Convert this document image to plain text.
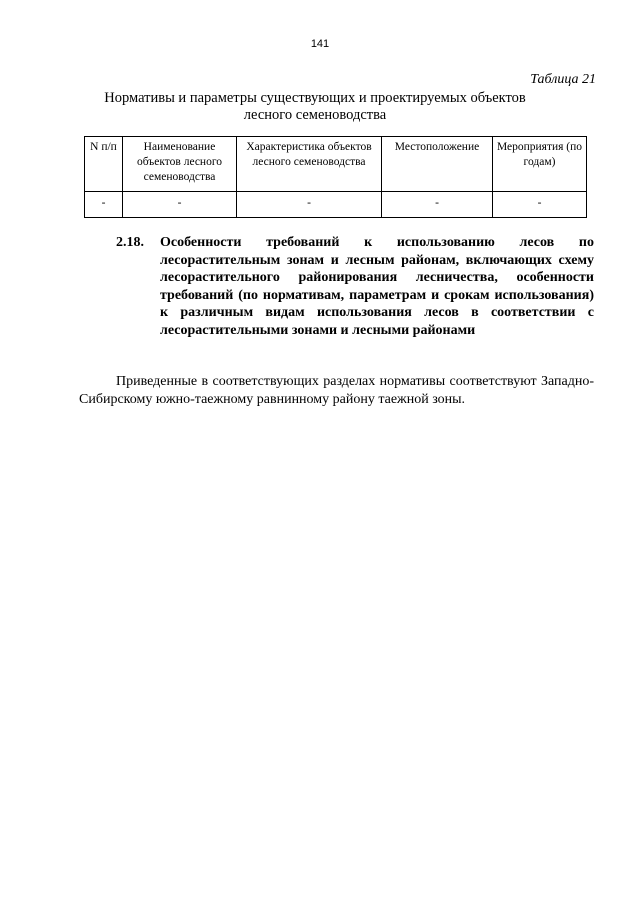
141
Таблица 21
Нормативы и параметры существующих и проектируемых объектов
лесного семеноводства
N п/п	Наименование объектов лесного семеноводства	Характеристика объектов лесного семеноводства	Местоположение	Мероприятия (по годам)
-	-	-	-	-
2.18. Особенности требований к использованию лесов по лесорастительным зонам и лесным районам, включающих схему лесорастительного районирования лесничества, особенности требований (по нормативам, параметрам и срокам использования) к различным видам использования лесов в соответствии с лесорастительными зонами и лесными районами
Приведенные в соответствующих разделах нормативы соответствуют Западно-Сибирскому южно-таежному равнинному району таежной зоны.
